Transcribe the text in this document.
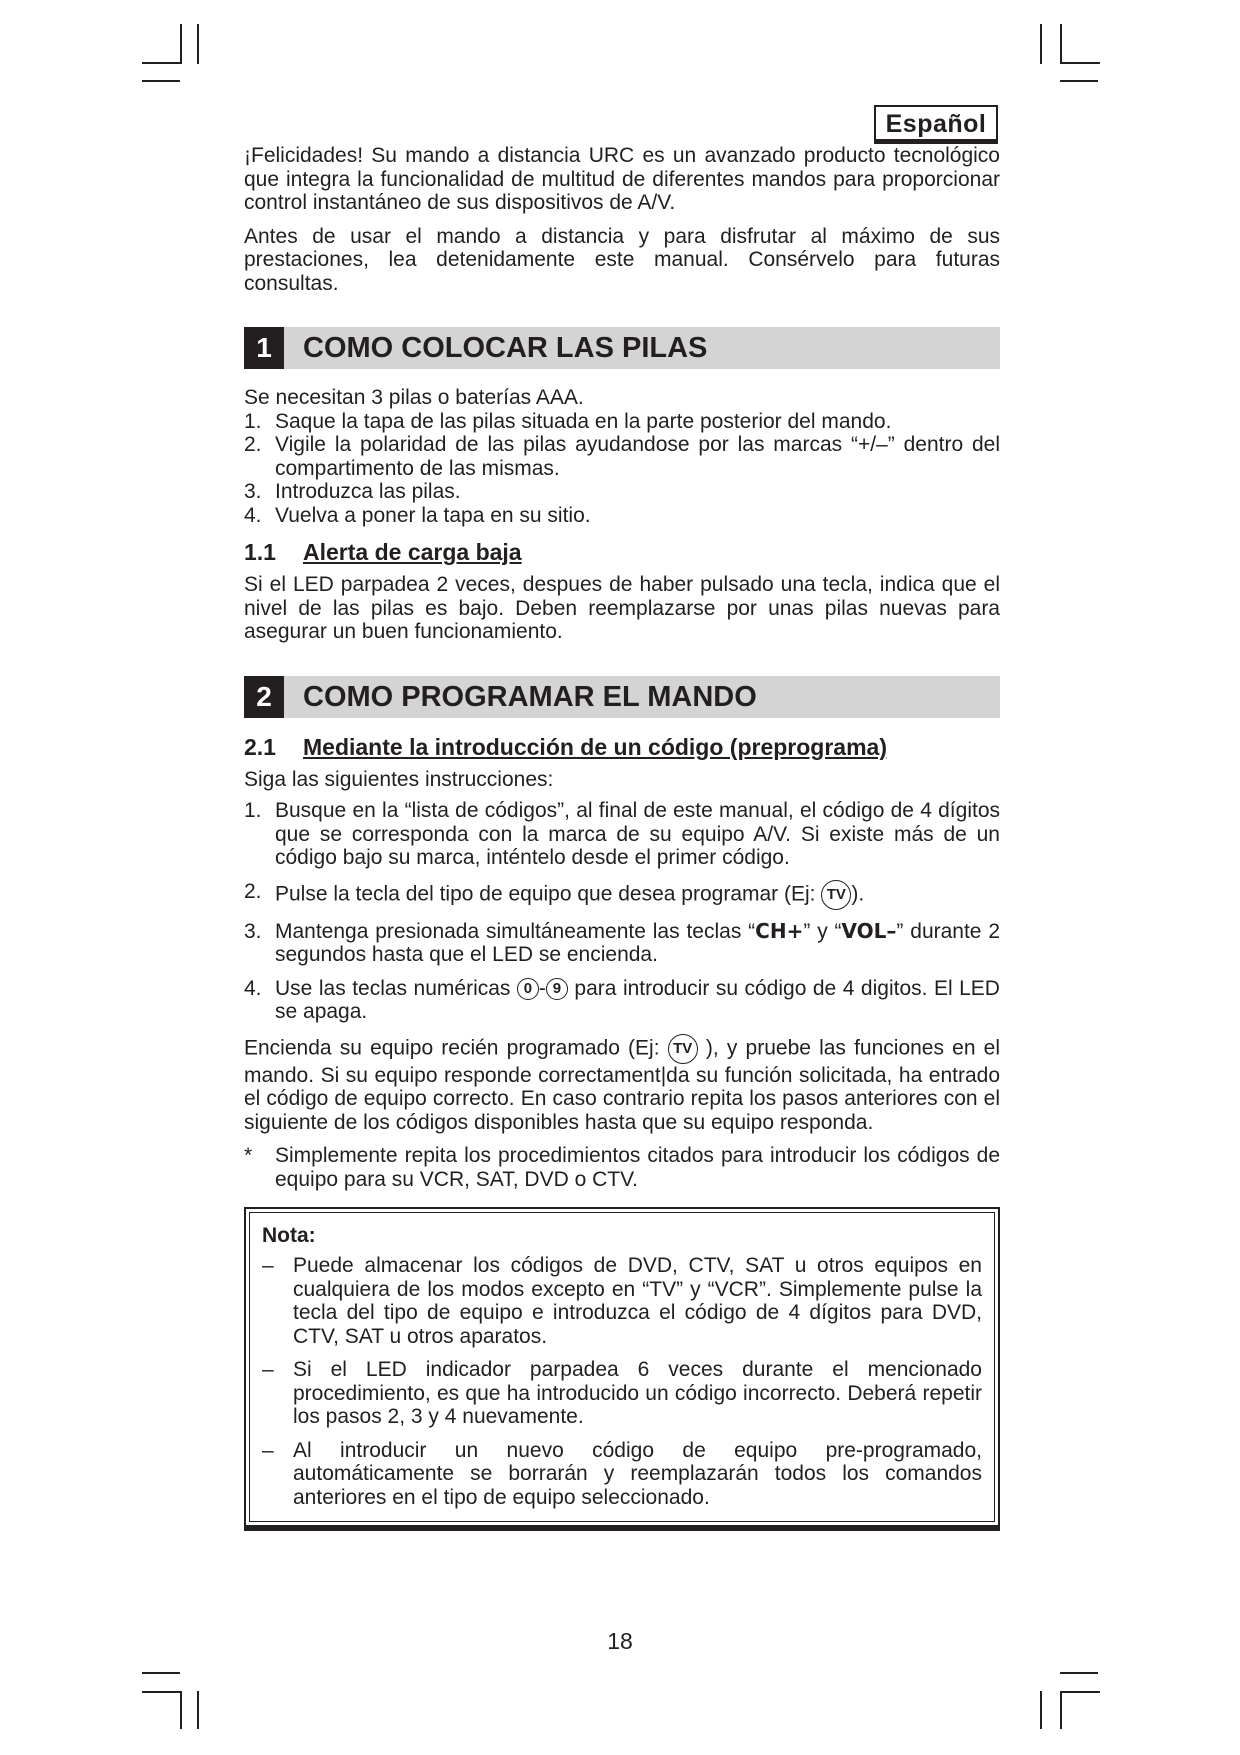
Español

¡Felicidades! Su mando a distancia URC es un avanzado producto tecnológico que integra la funcionalidad de multitud de diferentes mandos para proporcionar control instantáneo de sus dispositivos de A/V.

Antes de usar el mando a distancia y para disfrutar al máximo de sus prestaciones, lea detenidamente este manual. Consérvelo para futuras consultas.

1	COMO COLOCAR LAS PILAS

Se necesitan 3 pilas o baterías AAA.

1. Saque la tapa de las pilas situada en la parte posterior del mando.
2. Vigile la polaridad de las pilas ayudandose por las marcas “+/–” dentro del compartimento de las mismas.
3. Introduzca las pilas.
4. Vuelva a poner la tapa en su sitio.
1.1 Alerta de carga baja

Si el LED parpadea 2 veces, despues de haber pulsado una tecla, indica que el nivel de las pilas es bajo. Deben reemplazarse por unas pilas nuevas para asegurar un buen funcionamiento.

2	COMO PROGRAMAR EL MANDO
2.1 Mediante la introducción de un código (preprograma)

Siga las siguientes instrucciones:

1. Busque en la “lista de códigos”, al final de este manual, el código de 4 dígitos que se corresponda con la marca de su equipo A/V. Si existe más de un código bajo su marca, inténtelo desde el primer código.
2. Pulse la tecla del tipo de equipo que desea programar (Ej: TV ).
3. Mantenga presionada simultáneamente las teclas “CH+” y “VOL–” durante 2 segundos hasta que el LED se encienda.
4. Use las teclas numéricas 0 - 9 para introducir su código de 4 digitos. El LED se apaga.

Encienda su equipo recién programado (Ej: TV ), y pruebe las funciones en el mando. Si su equipo responde correctament|da su función solicitada, ha entrado el código de equipo correcto. En caso contrario repita los pasos anteriores con el siguiente de los códigos disponibles hasta que su equipo responda.

* Simplemente repita los procedimientos citados para introducir los códigos de equipo para su VCR, SAT, DVD o CTV.
Nota:
– Puede almacenar los códigos de DVD, CTV, SAT u otros equipos en cualquiera de los modos excepto en “TV” y “VCR”. Simplemente pulse la tecla del tipo de equipo e introduzca el código de 4 dígitos para DVD, CTV, SAT u otros aparatos.
– Si el LED indicador parpadea 6 veces durante el mencionado procedimiento, es que ha introducido un código incorrecto. Deberá repetir los pasos 2, 3 y 4 nuevamente.
– Al introducir un nuevo código de equipo pre-programado, automáticamente se borrarán y reemplazarán todos los comandos anteriores en el tipo de equipo seleccionado.
18
